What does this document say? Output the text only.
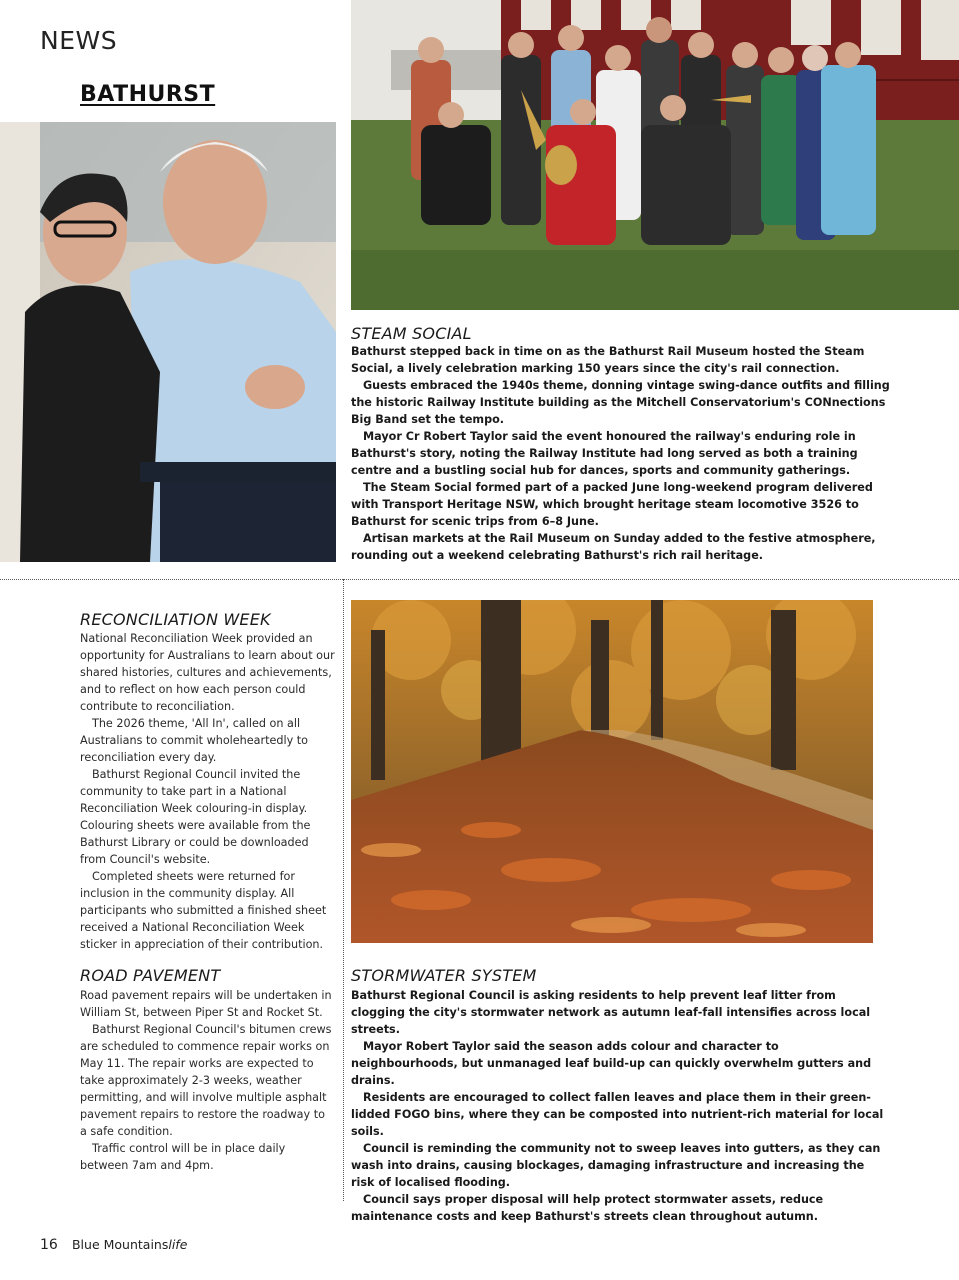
NEWS
BATHURST
STEAM SOCIAL

Bathurst stepped back in time on as the Bathurst Rail Museum hosted the Steam Social, a lively celebration marking 150 years since the city's rail connection.

Guests embraced the 1940s theme, donning vintage swing-dance outfits and filling the historic Railway Institute building as the Mitchell Conservatorium's CONnections Big Band set the tempo.

Mayor Cr Robert Taylor said the event honoured the railway's enduring role in Bathurst's story, noting the Railway Institute had long served as both a training centre and a bustling social hub for dances, sports and community gatherings.

The Steam Social formed part of a packed June long-weekend program delivered with Transport Heritage NSW, which brought heritage steam locomotive 3526 to Bathurst for scenic trips from 6–8 June.

Artisan markets at the Rail Museum on Sunday added to the festive atmosphere, rounding out a weekend celebrating Bathurst's rich rail heritage.

RECONCILIATION WEEK

National Reconciliation Week provided an opportunity for Australians to learn about our shared histories, cultures and achievements, and to reflect on how each person could contribute to reconciliation.

The 2026 theme, 'All In', called on all Australians to commit wholeheartedly to reconciliation every day.

Bathurst Regional Council invited the community to take part in a National Reconciliation Week colouring-in display. Colouring sheets were available from the Bathurst Library or could be downloaded from Council's website.

Completed sheets were returned for inclusion in the community display. All participants who submitted a finished sheet received a National Reconciliation Week sticker in appreciation of their contribution.

ROAD PAVEMENT

Road pavement repairs will be undertaken in William St, between Piper St and Rocket St.

Bathurst Regional Council's bitumen crews are scheduled to commence repair works on May 11. The repair works are expected to take approximately 2-3 weeks, weather permitting, and will involve multiple asphalt pavement repairs to restore the roadway to a safe condition.

Traffic control will be in place daily between 7am and 4pm.

STORMWATER SYSTEM

Bathurst Regional Council is asking residents to help prevent leaf litter from clogging the city's stormwater network as autumn leaf-fall intensifies across local streets.

Mayor Robert Taylor said the season adds colour and character to neighbourhoods, but unmanaged leaf build-up can quickly overwhelm gutters and drains.

Residents are encouraged to collect fallen leaves and place them in their green-lidded FOGO bins, where they can be composted into nutrient-rich material for local soils.

Council is reminding the community not to sweep leaves into gutters, as they can wash into drains, causing blockages, damaging infrastructure and increasing the risk of localised flooding.

Council says proper disposal will help protect stormwater assets, reduce maintenance costs and keep Bathurst's streets clean throughout autumn.

16 Blue Mountainslife
